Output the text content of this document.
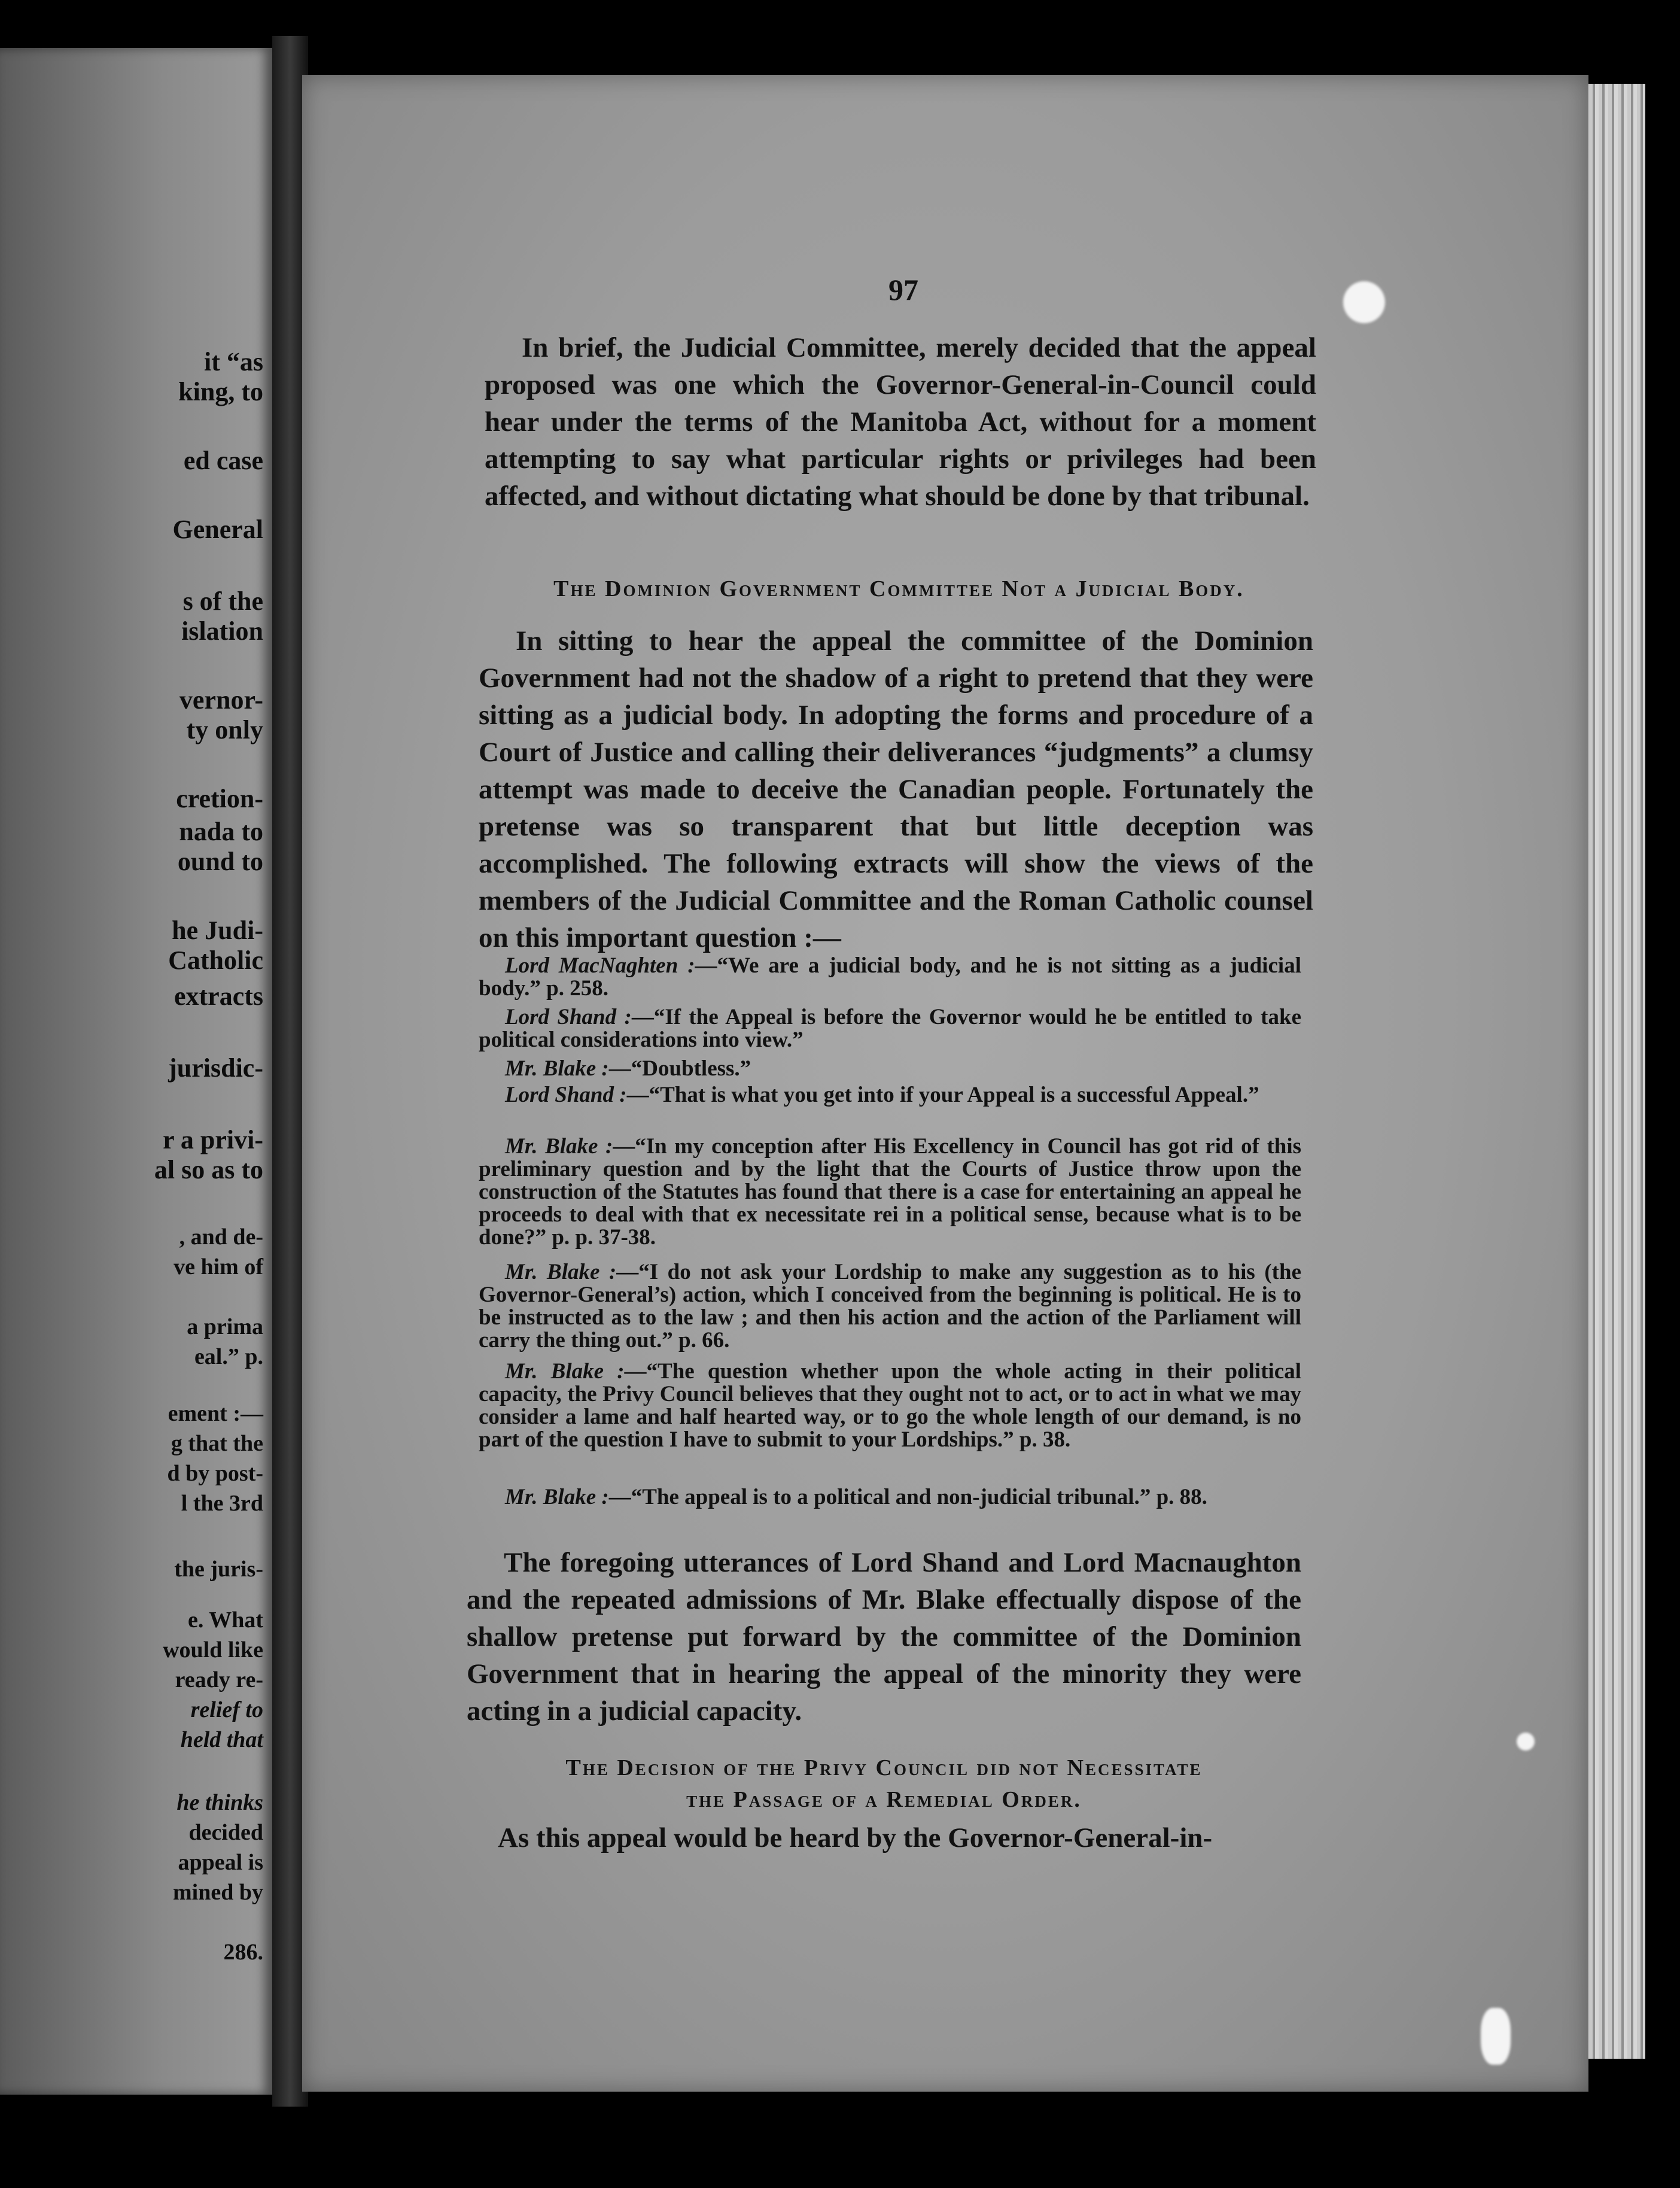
it “as
king, to
ed case
General
s of the
islation
vernor-
ty only
cretion-
nada to
ound to
he Judi-
Catholic
extracts
jurisdic-
r a privi-
al so as to
, and de-
ve him of
a prima
eal.” p.
ement :—
g that the
d by post-
l the 3rd
the juris-
e. What
would like
ready re-
relief to
held that
he thinks
decided
appeal is
mined by
286.
97
In brief, the Judicial Committee, merely decided that the appeal proposed was one which the Governor-General-in-Council could hear under the terms of the Manitoba Act, without for a moment attempting to say what particular rights or privileges had been affected, and without dictating what should be done by that tribunal.
The Dominion Government Committee Not a Judicial Body.
In sitting to hear the appeal the committee of the Dominion Government had not the shadow of a right to pretend that they were sitting as a judicial body. In adopting the forms and procedure of a Court of Justice and calling their deliverances “judgments” a clumsy attempt was made to deceive the Canadian people. Fortunately the pretense was so transparent that but little deception was accomplished. The following extracts will show the views of the members of the Judicial Committee and the Roman Catholic counsel on this important question :—
Lord MacNaghten :—“We are a judicial body, and he is not sitting as a judicial body.” p. 258.
Lord Shand :—“If the Appeal is before the Governor would he be entitled to take political considerations into view.”
Mr. Blake :—“Doubtless.”
Lord Shand :—“That is what you get into if your Appeal is a successful Appeal.”
Mr. Blake :—“In my conception after His Excellency in Council has got rid of this preliminary question and by the light that the Courts of Justice throw upon the construction of the Statutes has found that there is a case for entertaining an appeal he proceeds to deal with that ex necessitate rei in a political sense, because what is to be done?” p. p. 37-38.
Mr. Blake :—“I do not ask your Lordship to make any suggestion as to his (the Governor-General’s) action, which I conceived from the beginning is political. He is to be instructed as to the law ; and then his action and the action of the Parliament will carry the thing out.” p. 66.
Mr. Blake :—“The question whether upon the whole acting in their political capacity, the Privy Council believes that they ought not to act, or to act in what we may consider a lame and half hearted way, or to go the whole length of our demand, is no part of the question I have to submit to your Lordships.” p. 38.
Mr. Blake :—“The appeal is to a political and non-judicial tribunal.” p. 88.
The foregoing utterances of Lord Shand and Lord Macnaughton and the repeated admissions of Mr. Blake effectually dispose of the shallow pretense put forward by the committee of the Dominion Government that in hearing the appeal of the minority they were acting in a judicial capacity.
The Decision of the Privy Council did not Necessitate
the Passage of a Remedial Order.
As this appeal would be heard by the Governor-General-in-
